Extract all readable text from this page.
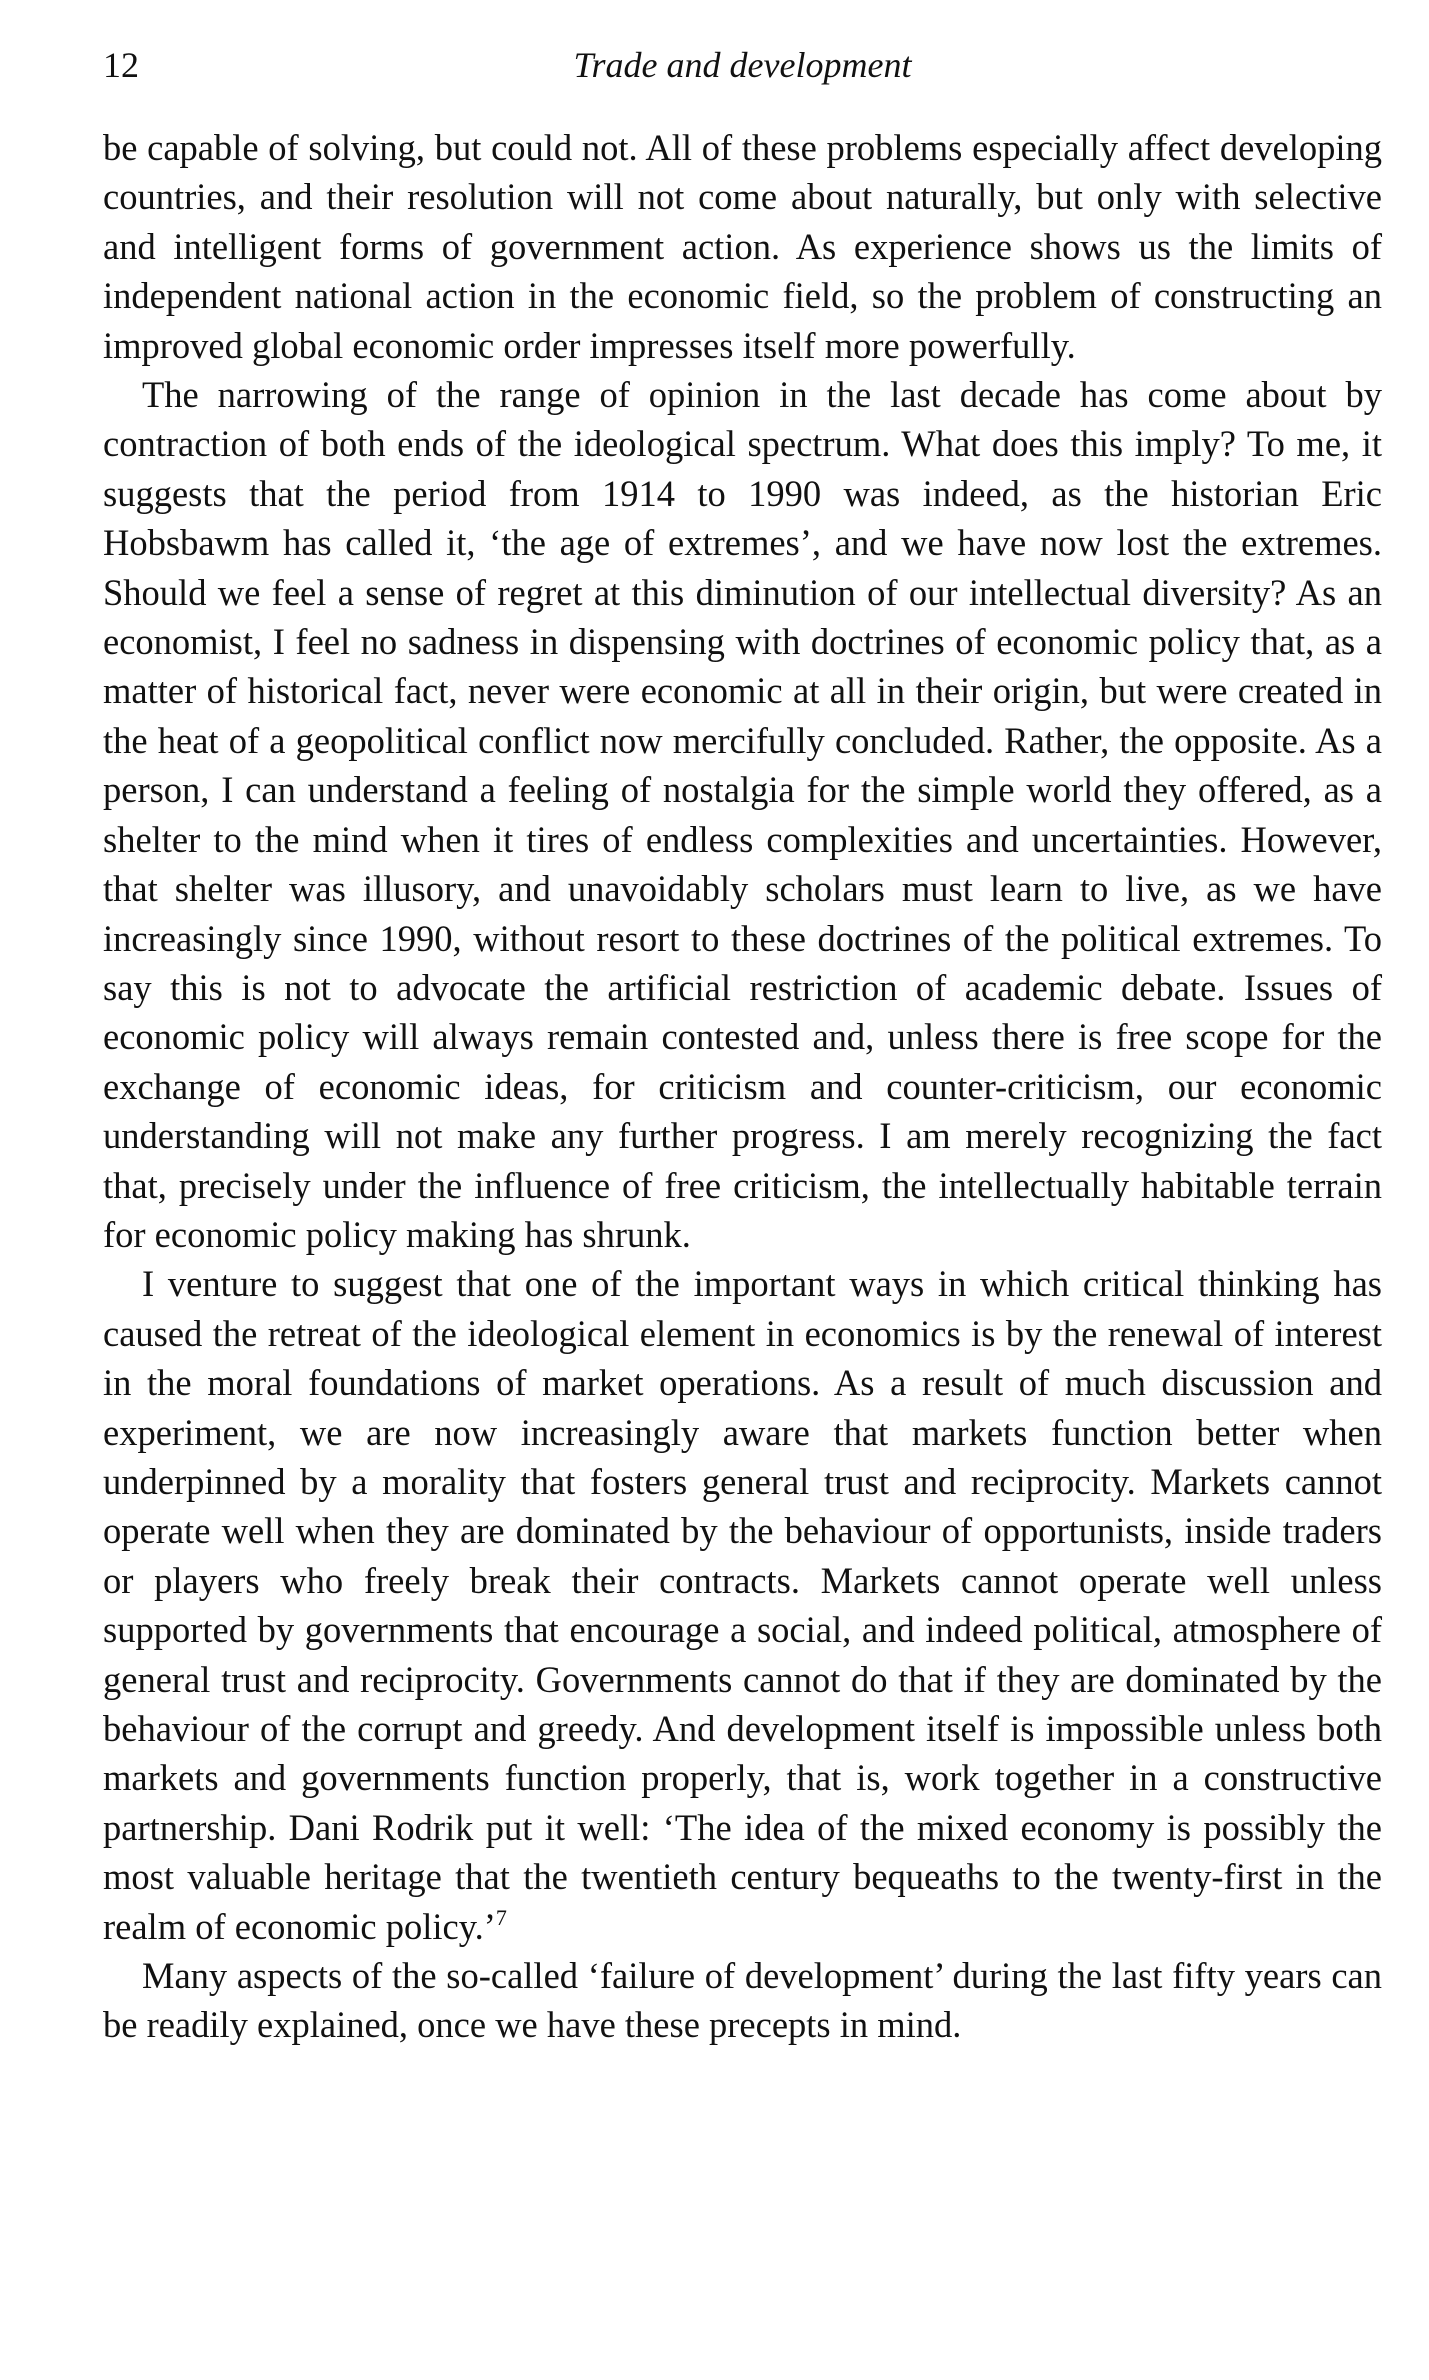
12	Trade and development

be capable of solving, but could not. All of these problems especially affect developing countries, and their resolution will not come about naturally, but only with selective and intelligent forms of government action. As experience shows us the limits of independent national action in the economic field, so the problem of constructing an improved global economic order impresses itself more powerfully.

The narrowing of the range of opinion in the last decade has come about by contraction of both ends of the ideological spectrum. What does this imply? To me, it suggests that the period from 1914 to 1990 was indeed, as the historian Eric Hobsbawm has called it, ‘the age of extremes’, and we have now lost the extremes. Should we feel a sense of regret at this diminution of our intellectual diversity? As an economist, I feel no sadness in dispensing with doctrines of economic policy that, as a matter of historical fact, never were economic at all in their origin, but were created in the heat of a geopolitical conflict now mercifully concluded. Rather, the opposite. As a person, I can understand a feeling of nostalgia for the simple world they offered, as a shelter to the mind when it tires of endless complexities and uncertainties. However, that shelter was illusory, and unavoidably scholars must learn to live, as we have increasingly since 1990, without resort to these doctrines of the political extremes. To say this is not to advocate the artificial restriction of academic debate. Issues of economic policy will always remain contested and, unless there is free scope for the exchange of economic ideas, for criticism and counter-criticism, our economic understanding will not make any further progress. I am merely recognizing the fact that, precisely under the influence of free criticism, the intellectually habitable terrain for economic policy making has shrunk.

I venture to suggest that one of the important ways in which critical thinking has caused the retreat of the ideological element in economics is by the renewal of interest in the moral foundations of market operations. As a result of much discussion and experiment, we are now increasingly aware that markets function better when underpinned by a morality that fosters general trust and reciprocity. Markets cannot operate well when they are dominated by the behaviour of opportunists, inside traders or players who freely break their contracts. Markets cannot operate well unless supported by governments that encourage a social, and indeed political, atmosphere of general trust and reciprocity. Governments cannot do that if they are dominated by the behaviour of the corrupt and greedy. And development itself is impossible unless both markets and governments function properly, that is, work together in a constructive partnership. Dani Rodrik put it well: ‘The idea of the mixed economy is possibly the most valuable heritage that the twentieth century bequeaths to the twenty-first in the realm of economic policy.’$^7$

Many aspects of the so-called ‘failure of development’ during the last fifty years can be readily explained, once we have these precepts in mind.
